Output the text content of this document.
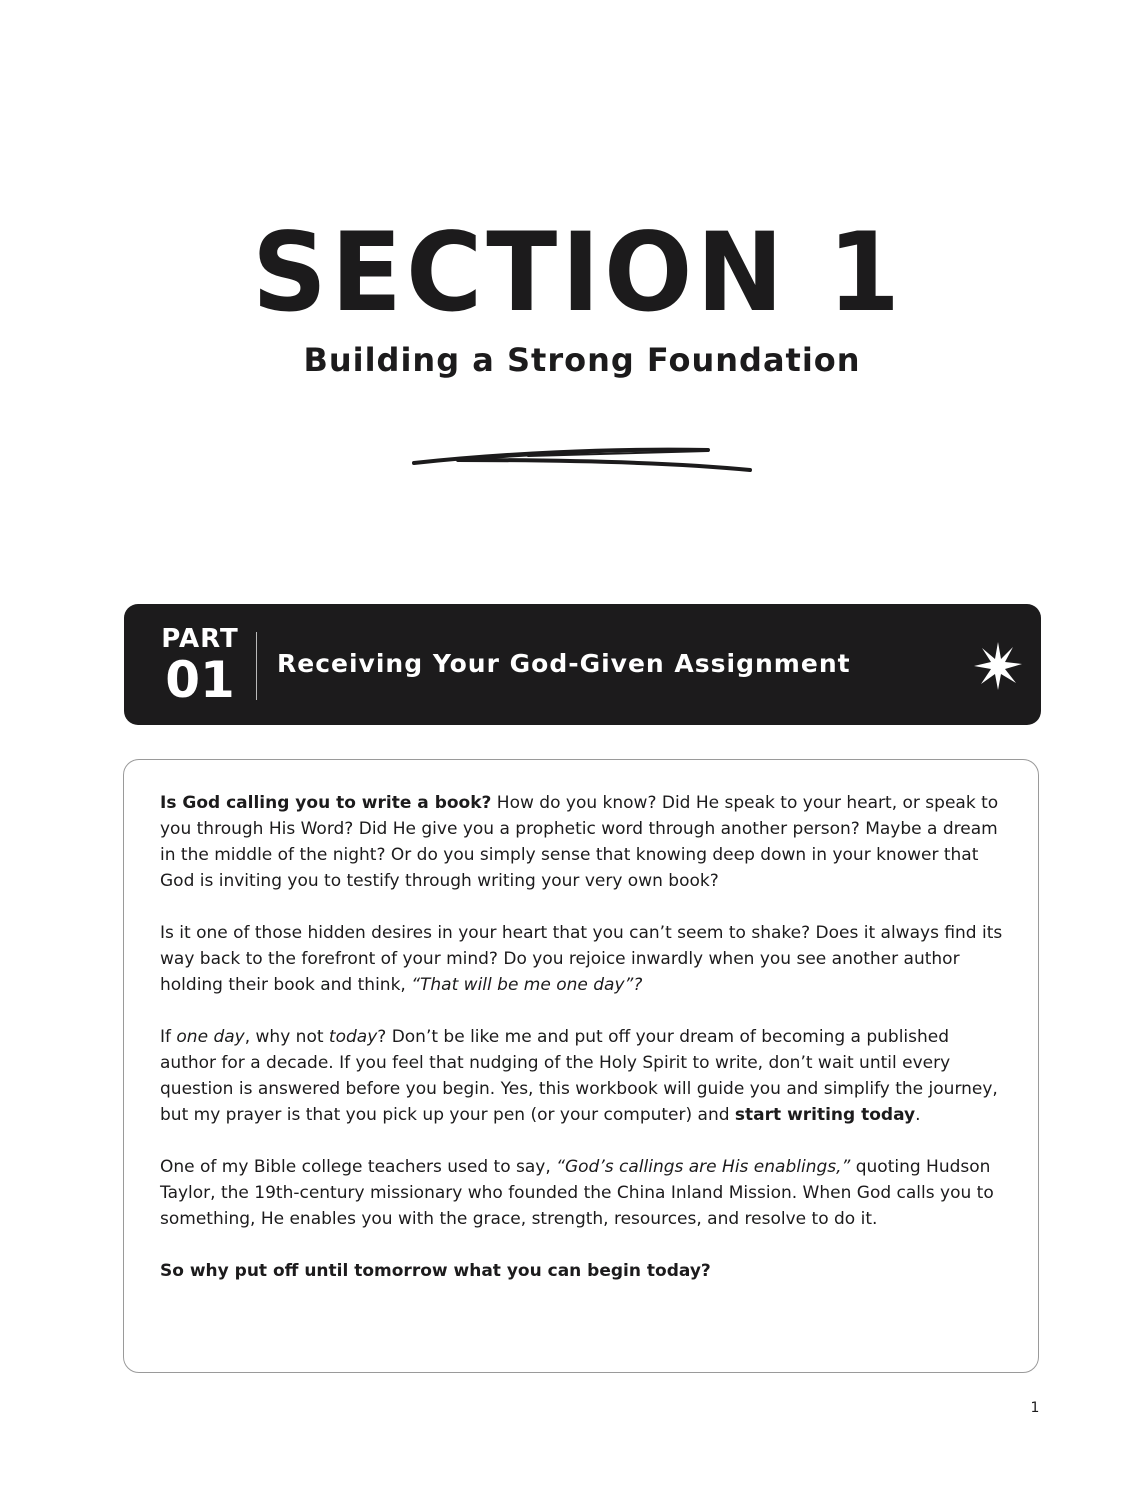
SECTION 1
Building a Strong Foundation
PART
01 Receiving Your God-Given Assignment

Is God calling you to write a book? How do you know? Did He speak to your heart, or speak to you through His Word? Did He give you a prophetic word through another person? Maybe a dream in the middle of the night? Or do you simply sense that knowing deep down in your knower that God is inviting you to testify through writing your very own book?

Is it one of those hidden desires in your heart that you can’t seem to shake? Does it always find its way back to the forefront of your mind? Do you rejoice inwardly when you see another author holding their book and think, “That will be me one day”?

If one day, why not today? Don’t be like me and put off your dream of becoming a published author for a decade. If you feel that nudging of the Holy Spirit to write, don’t wait until every question is answered before you begin. Yes, this workbook will guide you and simplify the journey, but my prayer is that you pick up your pen (or your computer) and start writing today.

One of my Bible college teachers used to say, “God’s callings are His enablings,” quoting Hudson Taylor, the 19th-century missionary who founded the China Inland Mission. When God calls you to something, He enables you with the grace, strength, resources, and resolve to do it.

So why put off until tomorrow what you can begin today?

1
